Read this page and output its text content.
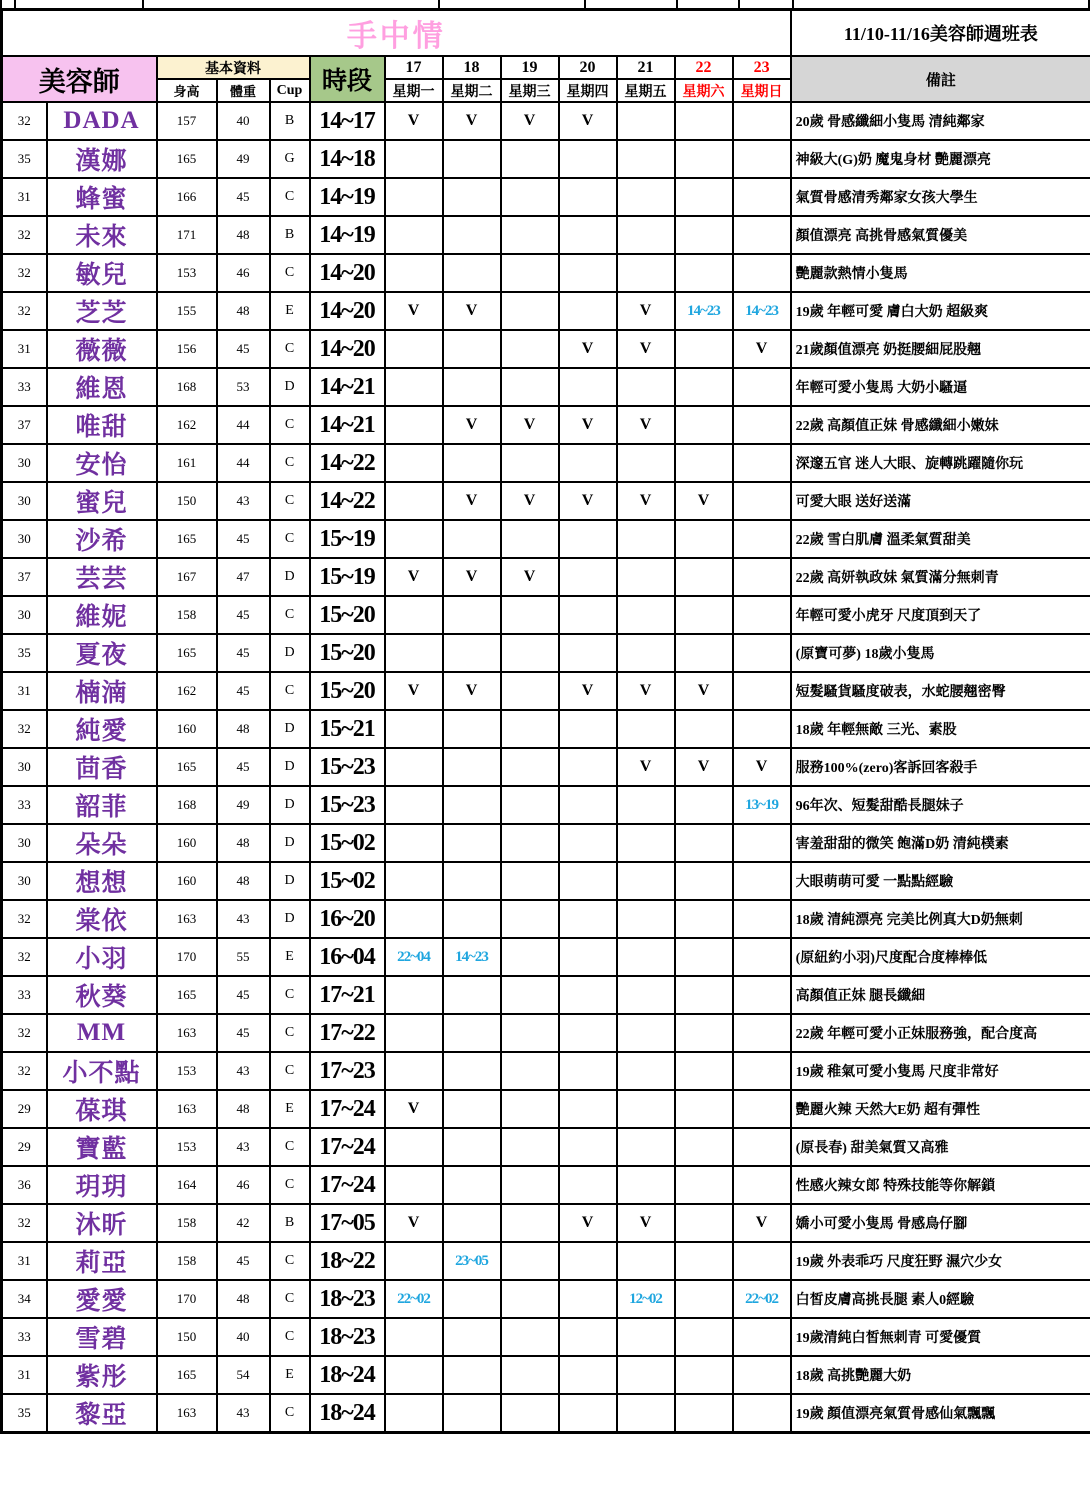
手中情													11/10-11/16美容師週班表
美容師		基本資料			時段	17	18	19	20	21	22	23	備註
		身高	體重	Cup		星期一	星期二	星期三	星期四	星期五	星期六	星期日	
32	DADA	157	40	B	14~17	V	V	V	V				20歲 骨感纖細小隻馬 清純鄰家
35	漢娜	165	49	G	14~18								神級大(G)奶 魔鬼身材 艷麗漂亮
31	蜂蜜	166	45	C	14~19								氣質骨感清秀鄰家女孩大學生
32	未來	171	48	B	14~19								顏值漂亮 高挑骨感氣質優美
32	敏兒	153	46	C	14~20								艷麗款熱情小隻馬
32	芝芝	155	48	E	14~20	V	V			V	14~23	14~23	19歲 年輕可愛 膚白大奶 超級爽
31	薇薇	156	45	C	14~20				V	V		V	21歲顏值漂亮 奶挺腰細屁股翹
33	維恩	168	53	D	14~21								年輕可愛小隻馬 大奶小騷逼
37	唯甜	162	44	C	14~21		V	V	V	V			22歲 高顏值正妹 骨感纖細小嫩妹
30	安怡	161	44	C	14~22								深邃五官 迷人大眼、旋轉跳躍隨你玩
30	蜜兒	150	43	C	14~22		V	V	V	V	V		可愛大眼 送好送滿
30	沙希	165	45	C	15~19								22歲 雪白肌膚 溫柔氣質甜美
37	芸芸	167	47	D	15~19	V	V	V					22歲 高妍執政妹 氣質滿分無刺青
30	維妮	158	45	C	15~20								年輕可愛小虎牙 尺度頂到天了
35	夏夜	165	45	D	15~20								(原寶可夢) 18歲小隻馬
31	楠湳	162	45	C	15~20	V	V		V	V	V		短髮騷貨騷度破表，水蛇腰翹密臀
32	純愛	160	48	D	15~21								18歲 年輕無敵 三光、素股
30	茴香	165	45	D	15~23					V	V	V	服務100%(zero)客訴回客殺手
33	韶菲	168	49	D	15~23							13~19	96年次、短髮甜酷長腿妹子
30	朵朵	160	48	D	15~02								害羞甜甜的微笑 飽滿D奶 清純樸素
30	想想	160	48	D	15~02								大眼萌萌可愛 一點點經驗
32	棠依	163	43	D	16~20								18歲 清純漂亮 完美比例真大D奶無刺
32	小羽	170	55	E	16~04	22~04	14~23						(原紐約小羽)尺度配合度棒棒低
33	秋葵	165	45	C	17~21								高顏值正妹 腿長纖細
32	MM	163	45	C	17~22								22歲 年輕可愛小正妹服務強，配合度高
32	小不點	153	43	C	17~23								19歲 稚氣可愛小隻馬 尺度非常好
29	葆琪	163	48	E	17~24	V							艷麗火辣 天然大E奶 超有彈性
29	寶藍	153	43	C	17~24								(原長春) 甜美氣質又高雅
36	玥玥	164	46	C	17~24								性感火辣女郎 特殊技能等你解鎖
32	沐昕	158	42	B	17~05	V			V	V		V	嬌小可愛小隻馬 骨感鳥仔腳
31	莉亞	158	45	C	18~22		23~05						19歲 外表乖巧 尺度狂野 濕穴少女
34	愛愛	170	48	C	18~23	22~02				12~02		22~02	白皙皮膚高挑長腿 素人0經驗
33	雪碧	150	40	C	18~23								19歲清純白皙無刺青 可愛優質
31	紫彤	165	54	E	18~24								18歲 高挑艷麗大奶
35	黎亞	163	43	C	18~24								19歲 顏值漂亮氣質骨感仙氣飄飄
